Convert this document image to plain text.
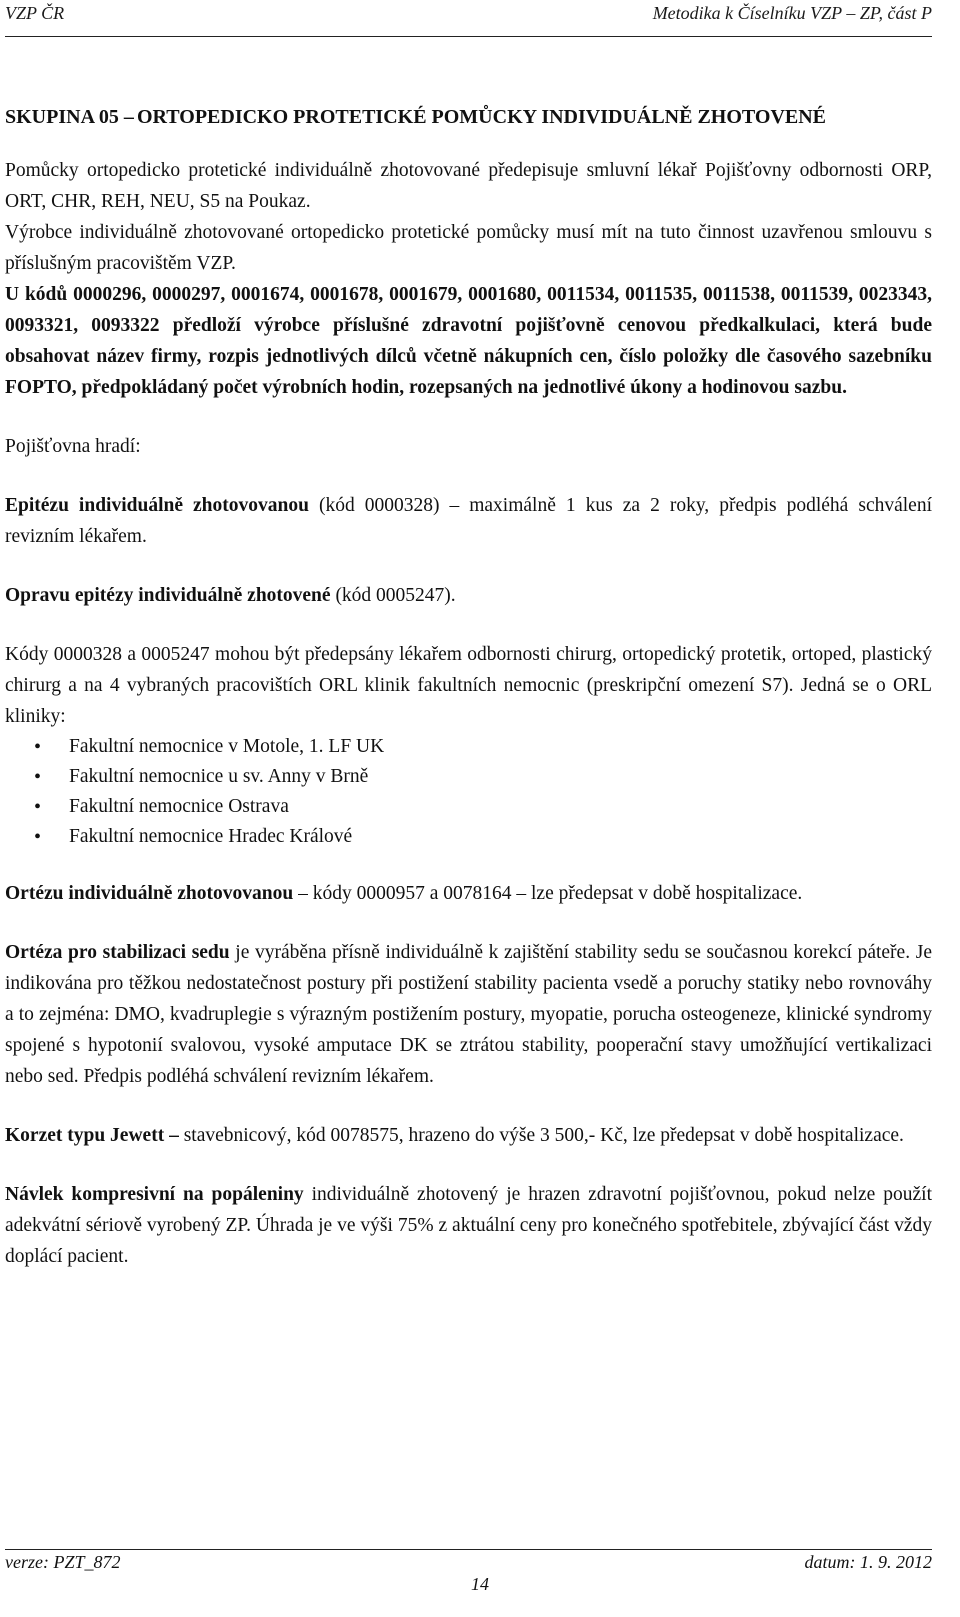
VZP ČR	Metodika k Číselníku VZP – ZP, část P
SKUPINA 05 – ORTOPEDICKO PROTETICKÉ POMŮCKY INDIVIDUÁLNĚ ZHOTOVENÉ

Pomůcky ortopedicko protetické individuálně zhotovované předepisuje smluvní lékař Pojišťovny odbornosti ORP, ORT, CHR, REH, NEU, S5 na Poukaz.

Výrobce individuálně zhotovované ortopedicko protetické pomůcky musí mít na tuto činnost uzavřenou smlouvu s příslušným pracovištěm VZP.

U kódů 0000296, 0000297, 0001674, 0001678, 0001679, 0001680, 0011534, 0011535, 0011538, 0011539, 0023343, 0093321, 0093322 předloží výrobce příslušné zdravotní pojišťovně cenovou předkalkulaci, která bude obsahovat název firmy, rozpis jednotlivých dílců včetně nákupních cen, číslo položky dle časového sazebníku FOPTO, předpokládaný počet výrobních hodin, rozepsaných na jednotlivé úkony a hodinovou sazbu.

Pojišťovna hradí:

Epitézu individuálně zhotovovanou (kód 0000328) – maximálně 1 kus za 2 roky, předpis podléhá schválení revizním lékařem.

Opravu epitézy individuálně zhotovené (kód 0005247).

Kódy 0000328 a 0005247 mohou být předepsány lékařem odbornosti chirurg, ortopedický protetik, ortoped, plastický chirurg a na 4 vybraných pracovištích ORL klinik fakultních nemocnic (preskripční omezení S7). Jedná se o ORL kliniky:

• Fakultní nemocnice v Motole, 1. LF UK
• Fakultní nemocnice u sv. Anny v Brně
• Fakultní nemocnice Ostrava
• Fakultní nemocnice Hradec Králové

Ortézu individuálně zhotovovanou – kódy 0000957 a 0078164 – lze předepsat v době hospitalizace.

Ortéza pro stabilizaci sedu je vyráběna přísně individuálně k zajištění stability sedu se současnou korekcí páteře. Je indikována pro těžkou nedostatečnost postury při postižení stability pacienta vsedě a poruchy statiky nebo rovnováhy a to zejména: DMO, kvadruplegie s výrazným postižením postury, myopatie, porucha osteogeneze, klinické syndromy spojené s hypotonií svalovou, vysoké amputace DK se ztrátou stability, pooperační stavy umožňující vertikalizaci nebo sed. Předpis podléhá schválení revizním lékařem.

Korzet typu Jewett – stavebnicový, kód 0078575, hrazeno do výše 3 500,- Kč, lze předepsat v době hospitalizace.

Návlek kompresivní na popáleniny individuálně zhotovený je hrazen zdravotní pojišťovnou, pokud nelze použít adekvátní sériově vyrobený ZP. Úhrada je ve výši 75% z aktuální ceny pro konečného spotřebitele, zbývající část vždy doplácí pacient.

verze: PZT_872	datum: 1. 9. 2012
14
